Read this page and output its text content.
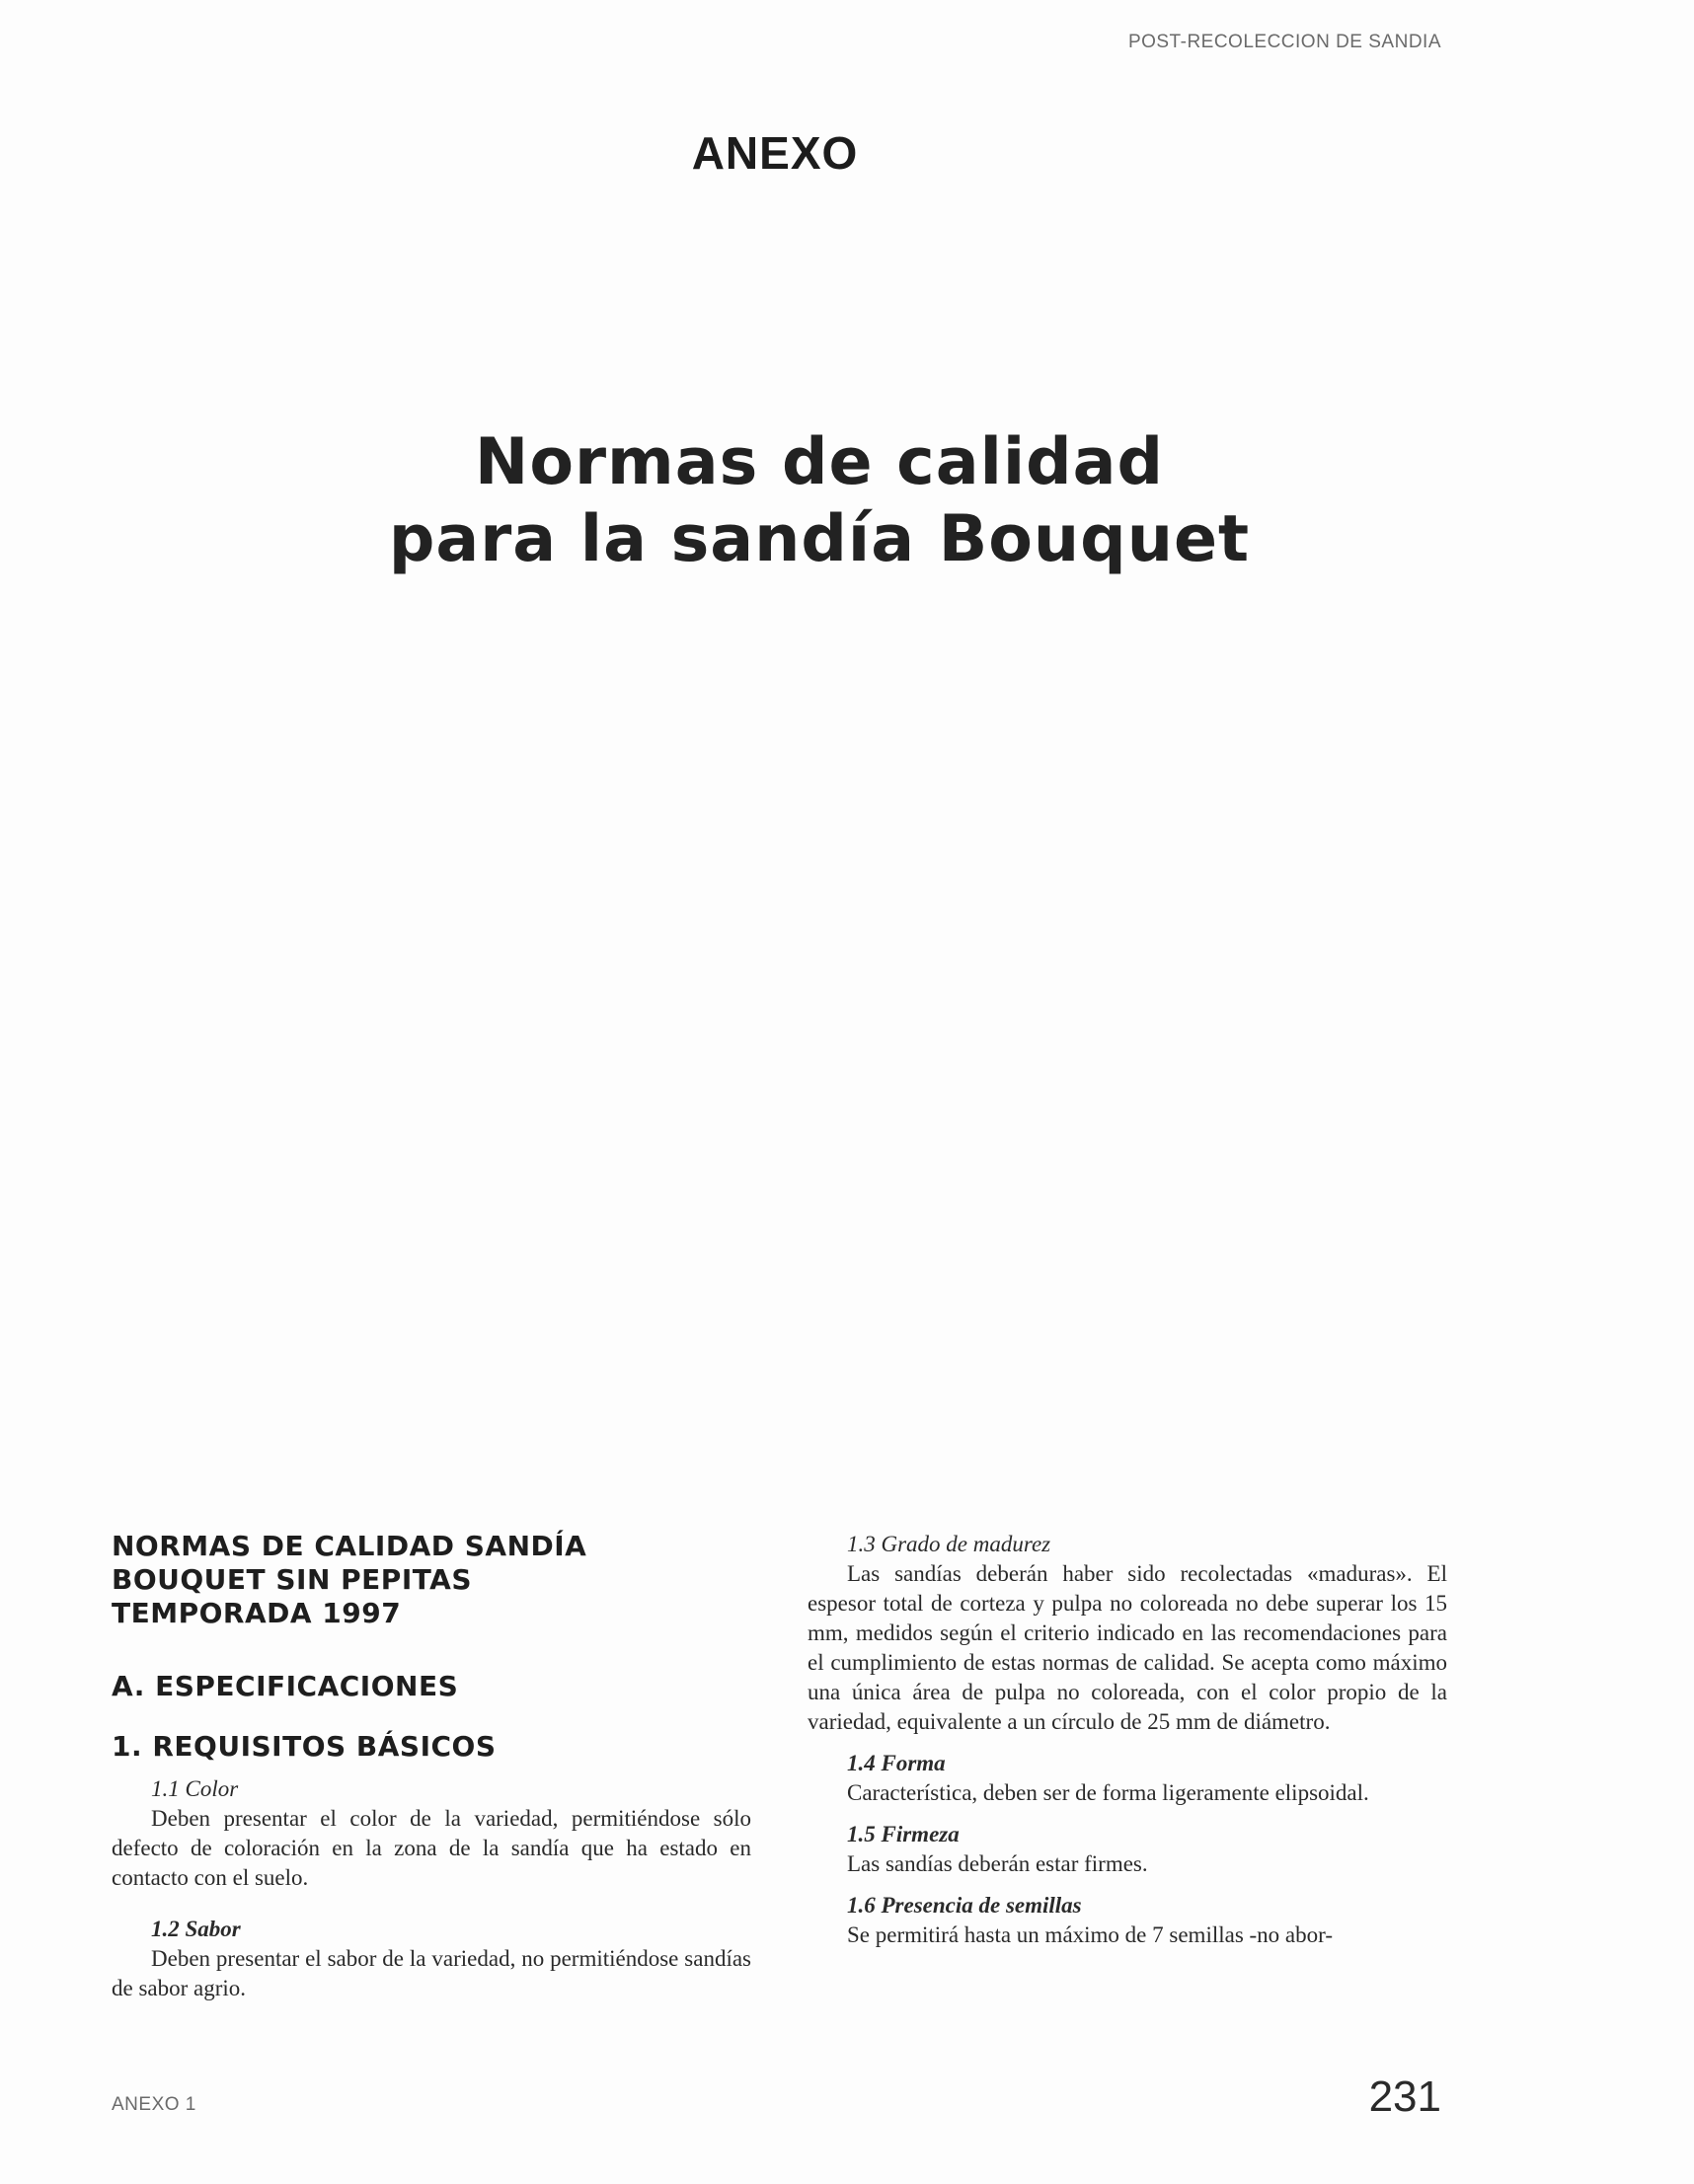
POST-RECOLECCION DE SANDIA
ANEXO
Normas de calidad
para la sandía Bouquet
NORMAS DE CALIDAD SANDÍA
BOUQUET SIN PEPITAS
TEMPORADA 1997
A. ESPECIFICACIONES
1. REQUISITOS BÁSICOS

1.1 Color

Deben presentar el color de la variedad, permitiéndose sólo defecto de coloración en la zona de la sandía que ha estado en contacto con el suelo.

1.2 Sabor

Deben presentar el sabor de la variedad, no permitiéndose sandías de sabor agrio.

1.3 Grado de madurez

Las sandías deberán haber sido recolectadas «maduras». El espesor total de corteza y pulpa no coloreada no debe superar los 15 mm, medidos según el criterio indicado en las recomendaciones para el cumplimiento de estas normas de calidad. Se acepta como máximo una única área de pulpa no coloreada, con el color propio de la variedad, equivalente a un círculo de 25 mm de diámetro.

1.4 Forma

Característica, deben ser de forma ligeramente elipsoidal.

1.5 Firmeza

Las sandías deberán estar firmes.

1.6 Presencia de semillas

Se permitirá hasta un máximo de 7 semillas -no abor-

ANEXO 1	231
